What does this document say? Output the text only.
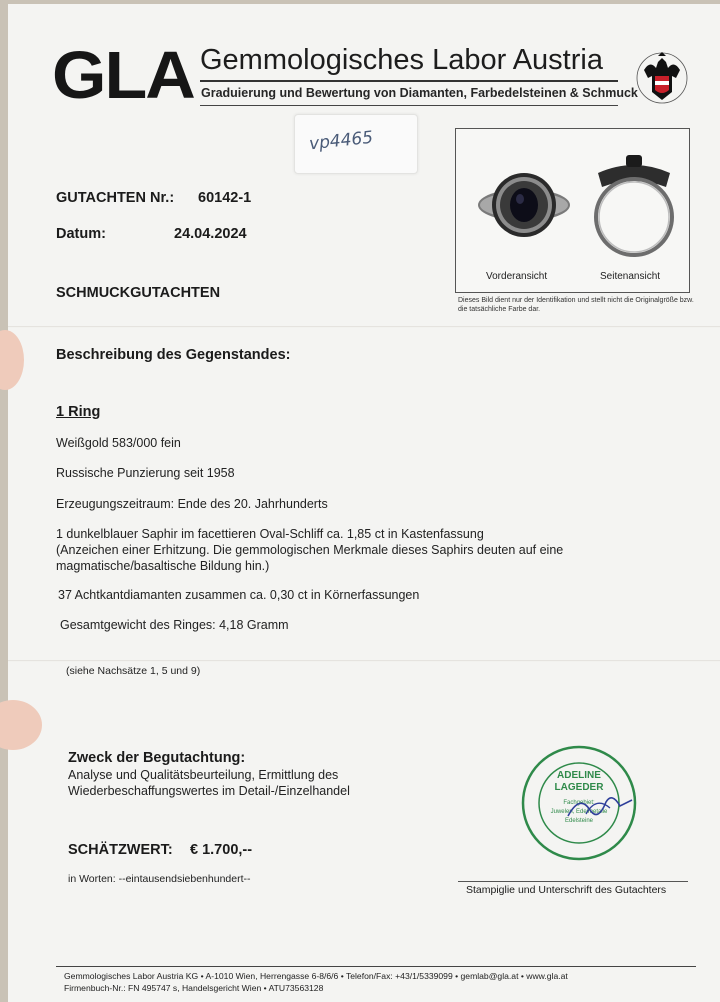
GLA Gemmologisches Labor Austria
Graduierung und Bewertung von Diamanten, Farbedelsteinen & Schmuck
vp4465
GUTACHTEN Nr.: 60142-1
Datum:	24.04.2024
SCHMUCKGUTACHTEN
Vorderansicht	Seitenansicht
Dieses Bild dient nur der Identifikation und stellt nicht die Originalgröße bzw. die tatsächliche Farbe dar.
Beschreibung des Gegenstandes:
1 Ring
Weißgold 583/000 fein
Russische Punzierung seit 1958
Erzeugungszeitraum: Ende des 20. Jahrhunderts
1 dunkelblauer Saphir im facettieren Oval-Schliff ca. 1,85 ct in Kastenfassung
(Anzeichen einer Erhitzung. Die gemmologischen Merkmale dieses Saphirs deuten auf eine
magmatische/basaltische Bildung hin.)
37 Achtkantdiamanten zusammen ca. 0,30 ct in Körnerfassungen
Gesamtgewicht des Ringes: 4,18 Gramm
(siehe Nachsätze 1, 5 und 9)
Zweck der Begutachtung:
Analyse und Qualitätsbeurteilung, Ermittlung des
Wiederbeschaffungswertes im Detail-/Einzelhandel
SCHÄTZWERT: € 1.700,--
in Worten: --eintausendsiebenhundert--
ADELINE
LAGEDER
Fachgebiet:
Juwelen, Edelmetalle
Edelsteine
Stampiglie und Unterschrift des Gutachters
Gemmologisches Labor Austria KG • A-1010 Wien, Herrengasse 6-8/6/6 • Telefon/Fax: +43/1/5339099 • gemlab@gla.at • www.gla.at
Firmenbuch-Nr.: FN 495747 s, Handelsgericht Wien • ATU73563128
